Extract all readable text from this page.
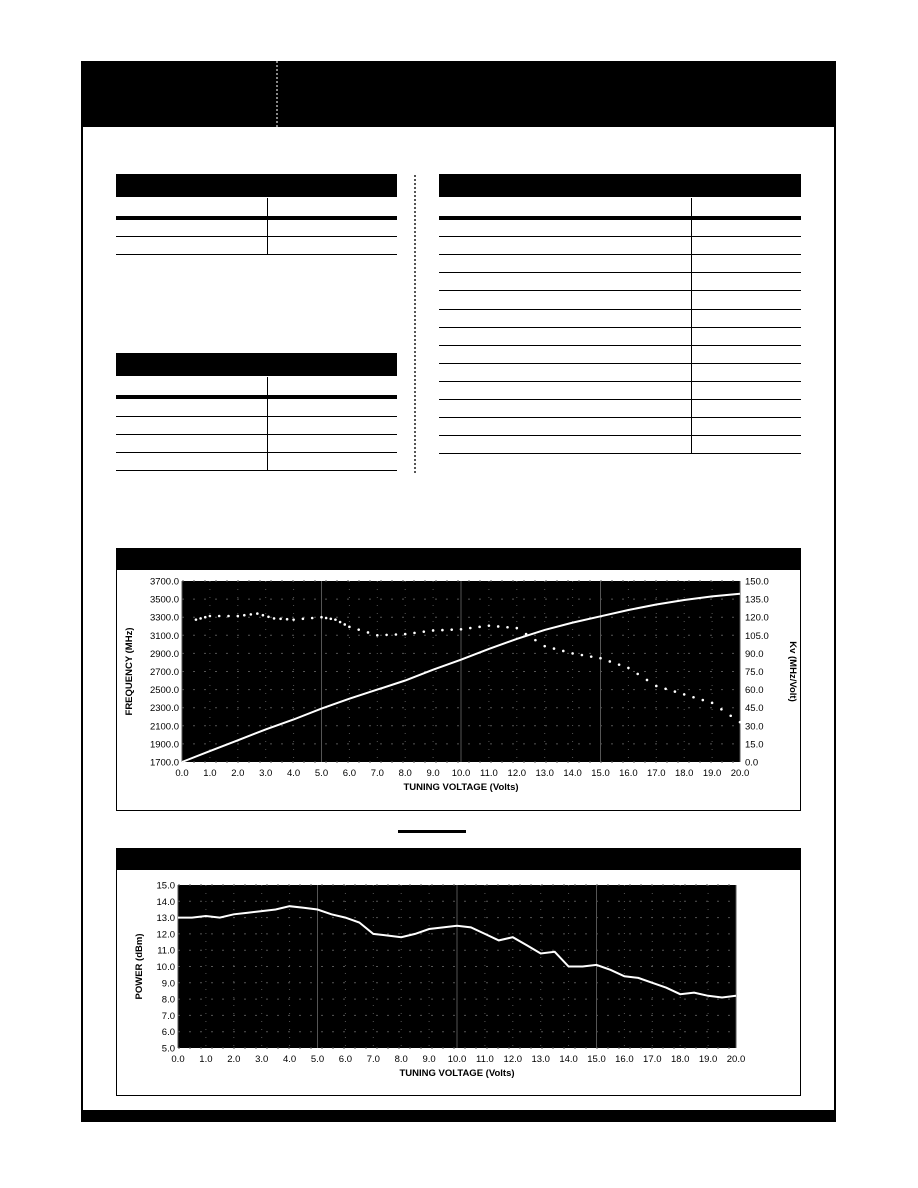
0.0 1.0 2.0 3.0 4.0 5.0 6.0 7.0 8.0 9.0 10.0 11.0 12.0 13.0 14.0 15.0 16.0 17.0 18.0 19.0 20.0
1700.0
1900.0
2100.0
2300.0
2500.0
2700.0
2900.0
3100.0
3300.0
3500.0
3700.0
0.0
15.0
30.0
45.0
60.0
75.0
90.0
105.0
120.0
135.0
150.0
TUNING VOLTAGE (Volts)
FREQUENCY (MHz)	Kv (MHz/Volt)
0.0 1.0 2.0 3.0 4.0 5.0 6.0 7.0 8.0 9.0 10.0 11.0 12.0 13.0 14.0 15.0 16.0 17.0 18.0 19.0 20.0
5.0
6.0
7.0
8.0
9.0
10.0
11.0
12.0
13.0
14.0
15.0
TUNING VOLTAGE (Volts)
POWER (dBm)
